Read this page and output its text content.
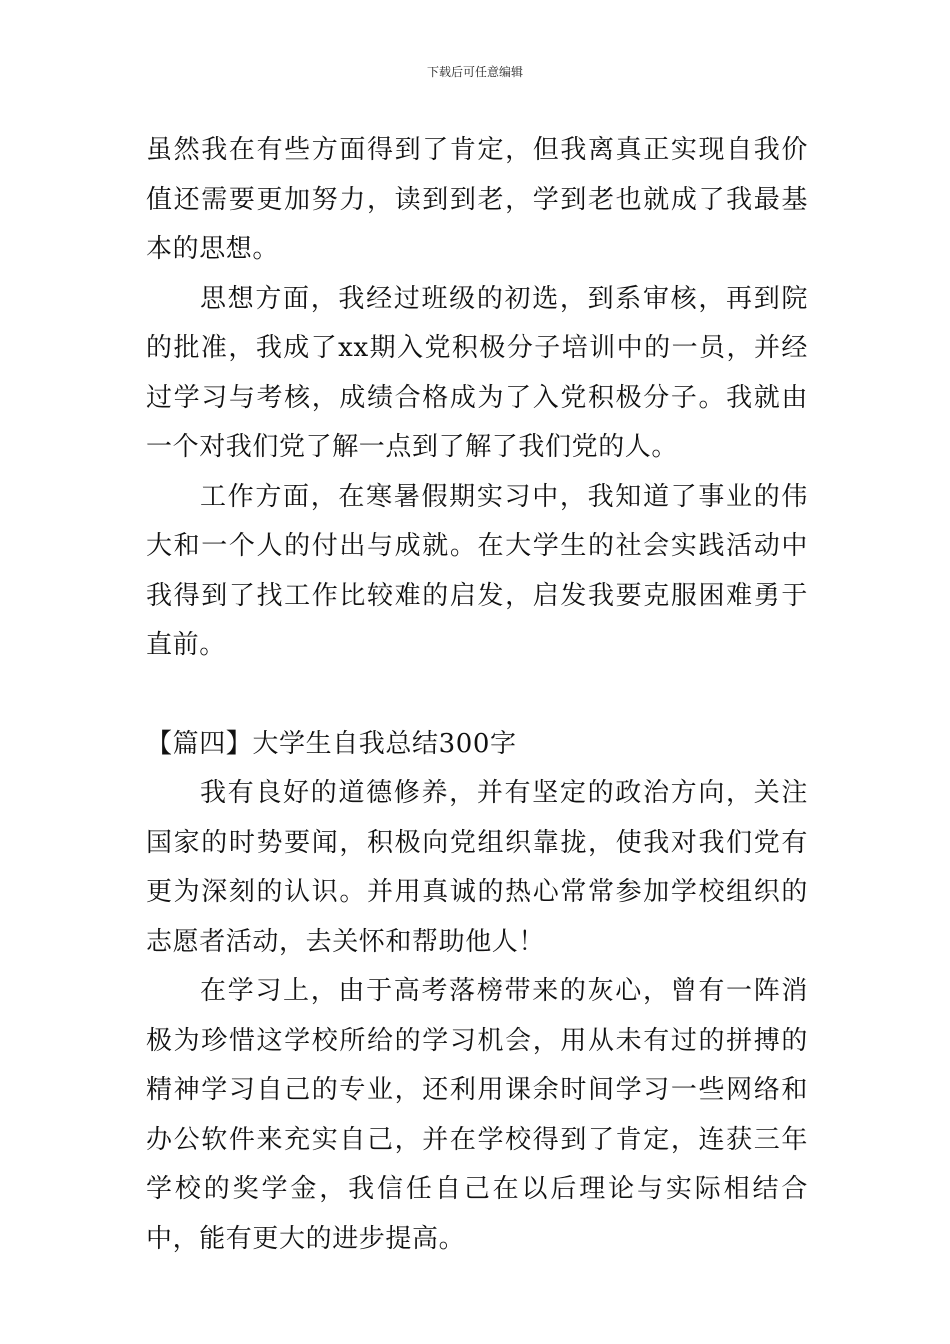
下载后可任意编辑

虽然我在有些方面得到了肯定，但我离真正实现自我价值还需要更加努力，读到到老，学到老也就成了我最基本的思想。

思想方面，我经过班级的初选，到系审核，再到院的批准，我成了xx期入党积极分子培训中的一员，并经过学习与考核，成绩合格成为了入党积极分子。我就由一个对我们党了解一点到了解了我们党的人。

工作方面，在寒暑假期实习中，我知道了事业的伟大和一个人的付出与成就。在大学生的社会实践活动中我得到了找工作比较难的启发，启发我要克服困难勇于直前。

【篇四】大学生自我总结300字

我有良好的道德修养，并有坚定的政治方向，关注国家的时势要闻，积极向党组织靠拢，使我对我们党有更为深刻的认识。并用真诚的热心常常参加学校组织的志愿者活动，去关怀和帮助他人！

在学习上，由于高考落榜带来的灰心，曾有一阵消极为珍惜这学校所给的学习机会，用从未有过的拼搏的精神学习自己的专业，还利用课余时间学习一些网络和办公软件来充实自己，并在学校得到了肯定，连获三年学校的奖学金，我信任自己在以后理论与实际相结合中，能有更大的进步提高。
